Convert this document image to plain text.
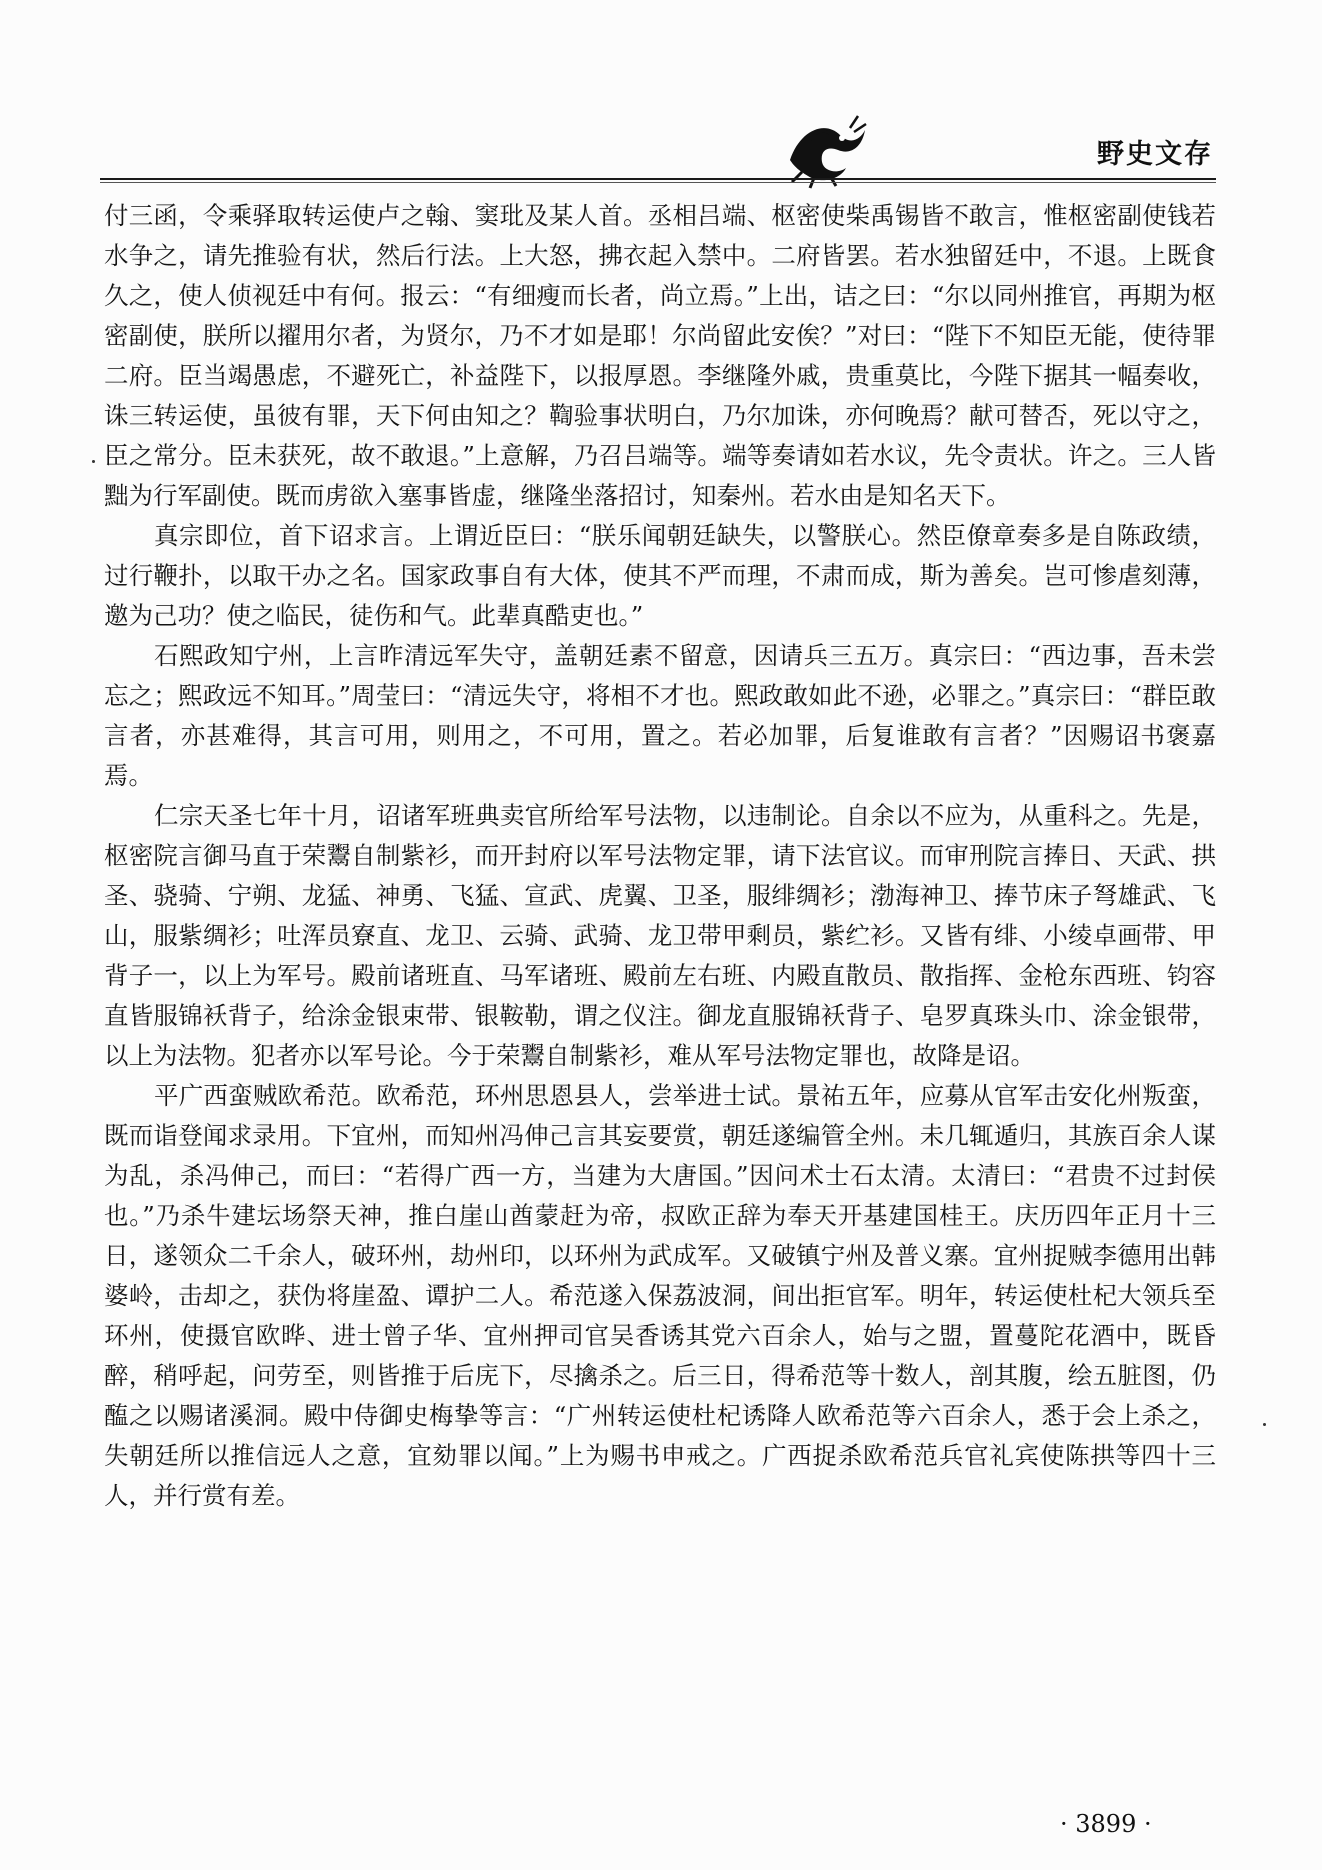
野史文存

付三函，令乘驿取转运使卢之翰、窦玭及某人首。丞相吕端、枢密使柴禹锡皆不敢言，惟枢密副使钱若水争之，请先推验有状，然后行法。上大怒，拂衣起入禁中。二府皆罢。若水独留廷中，不退。上既食久之，使人侦视廷中有何。报云：“有细瘦而长者，尚立焉。”上出，诘之曰：“尔以同州推官，再期为枢密副使，朕所以擢用尔者，为贤尔，乃不才如是耶！尔尚留此安俟？”对曰：“陛下不知臣无能，使待罪二府。臣当竭愚虑，不避死亡，补益陛下，以报厚恩。李继隆外戚，贵重莫比，今陛下据其一幅奏收，诛三转运使，虽彼有罪，天下何由知之？鞫验事状明白，乃尔加诛，亦何晚焉？献可替否，死以守之，臣之常分。臣未获死，故不敢退。”上意解，乃召吕端等。端等奏请如若水议，先令责状。许之。三人皆黜为行军副使。既而虏欲入塞事皆虚，继隆坐落招讨，知秦州。若水由是知名天下。

真宗即位，首下诏求言。上谓近臣曰：“朕乐闻朝廷缺失，以警朕心。然臣僚章奏多是自陈政绩，过行鞭扑，以取干办之名。国家政事自有大体，使其不严而理，不肃而成，斯为善矣。岂可惨虐刻薄，邀为己功？使之临民，徒伤和气。此辈真酷吏也。”

石熙政知宁州，上言昨清远军失守，盖朝廷素不留意，因请兵三五万。真宗曰：“西边事，吾未尝忘之；熙政远不知耳。”周莹曰：“清远失守，将相不才也。熙政敢如此不逊，必罪之。”真宗曰：“群臣敢言者，亦甚难得，其言可用，则用之，不可用，置之。若必加罪，后复谁敢有言者？”因赐诏书褒嘉焉。

仁宗天圣七年十月，诏诸军班典卖官所给军号法物，以违制论。自余以不应为，从重科之。先是，枢密院言御马直于荣鬻自制紫衫，而开封府以军号法物定罪，请下法官议。而审刑院言捧日、天武、拱圣、骁骑、宁朔、龙猛、神勇、飞猛、宣武、虎翼、卫圣，服绯绸衫；渤海神卫、捧节床子弩雄武、飞山，服紫绸衫；吐浑员寮直、龙卫、云骑、武骑、龙卫带甲剩员，紫纻衫。又皆有绯、小绫卓画带、甲背子一，以上为军号。殿前诸班直、马军诸班、殿前左右班、内殿直散员、散指挥、金枪东西班、钧容直皆服锦袄背子，给涂金银束带、银鞍勒，谓之仪注。御龙直服锦袄背子、皂罗真珠头巾、涂金银带，以上为法物。犯者亦以军号论。今于荣鬻自制紫衫，难从军号法物定罪也，故降是诏。

平广西蛮贼欧希范。欧希范，环州思恩县人，尝举进士试。景祐五年，应募从官军击安化州叛蛮，既而诣登闻求录用。下宜州，而知州冯伸己言其妄要赏，朝廷遂编管全州。未几辄遁归，其族百余人谋为乱，杀冯伸己，而曰：“若得广西一方，当建为大唐国。”因问术士石太清。太清曰：“君贵不过封侯也。”乃杀牛建坛场祭天神，推白崖山酋蒙赶为帝，叔欧正辞为奉天开基建国桂王。庆历四年正月十三日，遂领众二千余人，破环州，劫州印，以环州为武成军。又破镇宁州及普义寨。宜州捉贼李德用出韩婆岭，击却之，获伪将崖盈、谭护二人。希范遂入保荔波洞，间出拒官军。明年，转运使杜杞大领兵至环州，使摄官欧晔、进士曾子华、宜州押司官吴香诱其党六百余人，始与之盟，置蔓陀花酒中，既昏醉，稍呼起，问劳至，则皆推于后庑下，尽擒杀之。后三日，得希范等十数人，剖其腹，绘五脏图，仍醢之以赐诸溪洞。殿中侍御史梅挚等言：“广州转运使杜杞诱降人欧希范等六百余人，悉于会上杀之，失朝廷所以推信远人之意，宜劾罪以闻。”上为赐书申戒之。广西捉杀欧希范兵官礼宾使陈拱等四十三人，并行赏有差。

· 3899 ·
